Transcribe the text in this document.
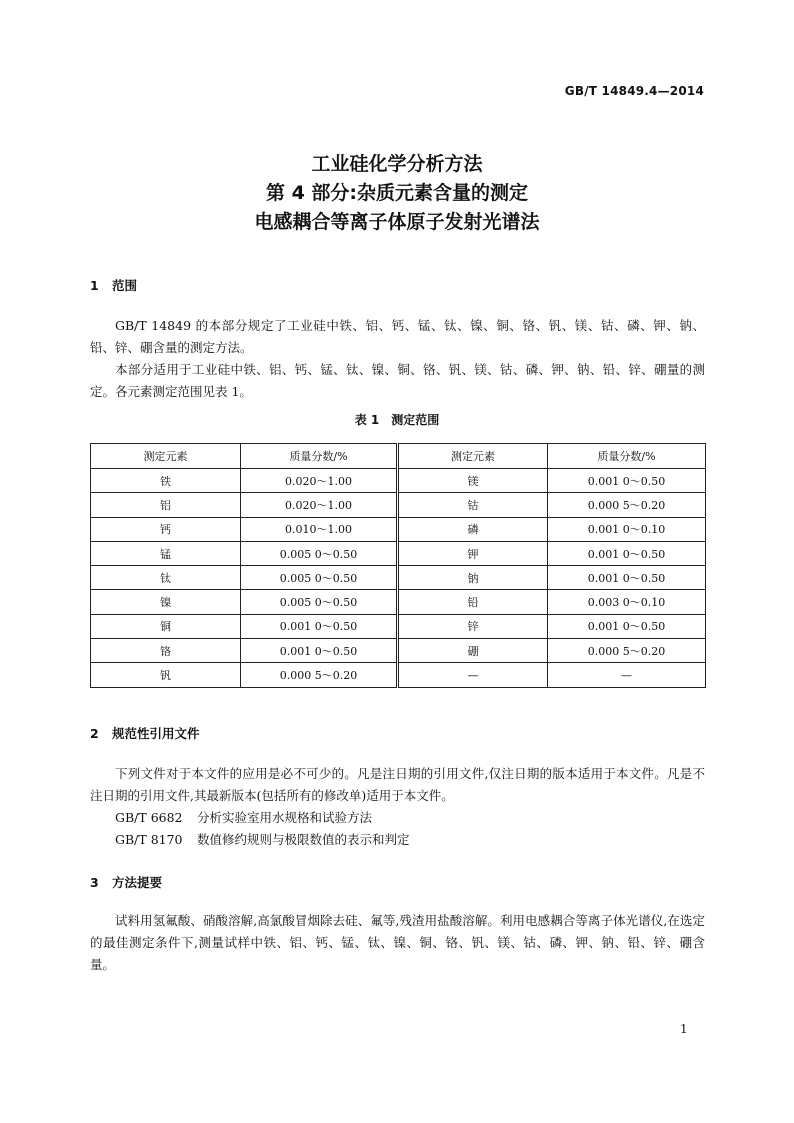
GB/T 14849.4—2014
工业硅化学分析方法
第 4 部分:杂质元素含量的测定
电感耦合等离子体原子发射光谱法
1 范围

GB/T 14849 的本部分规定了工业硅中铁、铝、钙、锰、钛、镍、铜、铬、钒、镁、钴、磷、钾、钠、铅、锌、硼含量的测定方法。

本部分适用于工业硅中铁、铝、钙、锰、钛、镍、铜、铬、钒、镁、钴、磷、钾、钠、铅、锌、硼量的测定。各元素测定范围见表 1。

表 1　测定范围
测定元素	质量分数/%	测定元素	质量分数/%
铁	0.020～1.00	镁	0.001 0～0.50
铝	0.020～1.00	钴	0.000 5～0.20
钙	0.010～1.00	磷	0.001 0～0.10
锰	0.005 0～0.50	钾	0.001 0～0.50
钛	0.005 0～0.50	钠	0.001 0～0.50
镍	0.005 0～0.50	铅	0.003 0～0.10
铜	0.001 0～0.50	锌	0.001 0～0.50
铬	0.001 0～0.50	硼	0.000 5～0.20
钒	0.000 5～0.20	—	—
2 规范性引用文件

下列文件对于本文件的应用是必不可少的。凡是注日期的引用文件,仅注日期的版本适用于本文件。凡是不注日期的引用文件,其最新版本(包括所有的修改单)适用于本文件。

GB/T 6682 分析实验室用水规格和试验方法
GB/T 8170 数值修约规则与极限数值的表示和判定
3 方法提要

试料用氢氟酸、硝酸溶解,高氯酸冒烟除去硅、氟等,残渣用盐酸溶解。利用电感耦合等离子体光谱仪,在选定的最佳测定条件下,测量试样中铁、铝、钙、锰、钛、镍、铜、铬、钒、镁、钴、磷、钾、钠、铅、锌、硼含量。

1
